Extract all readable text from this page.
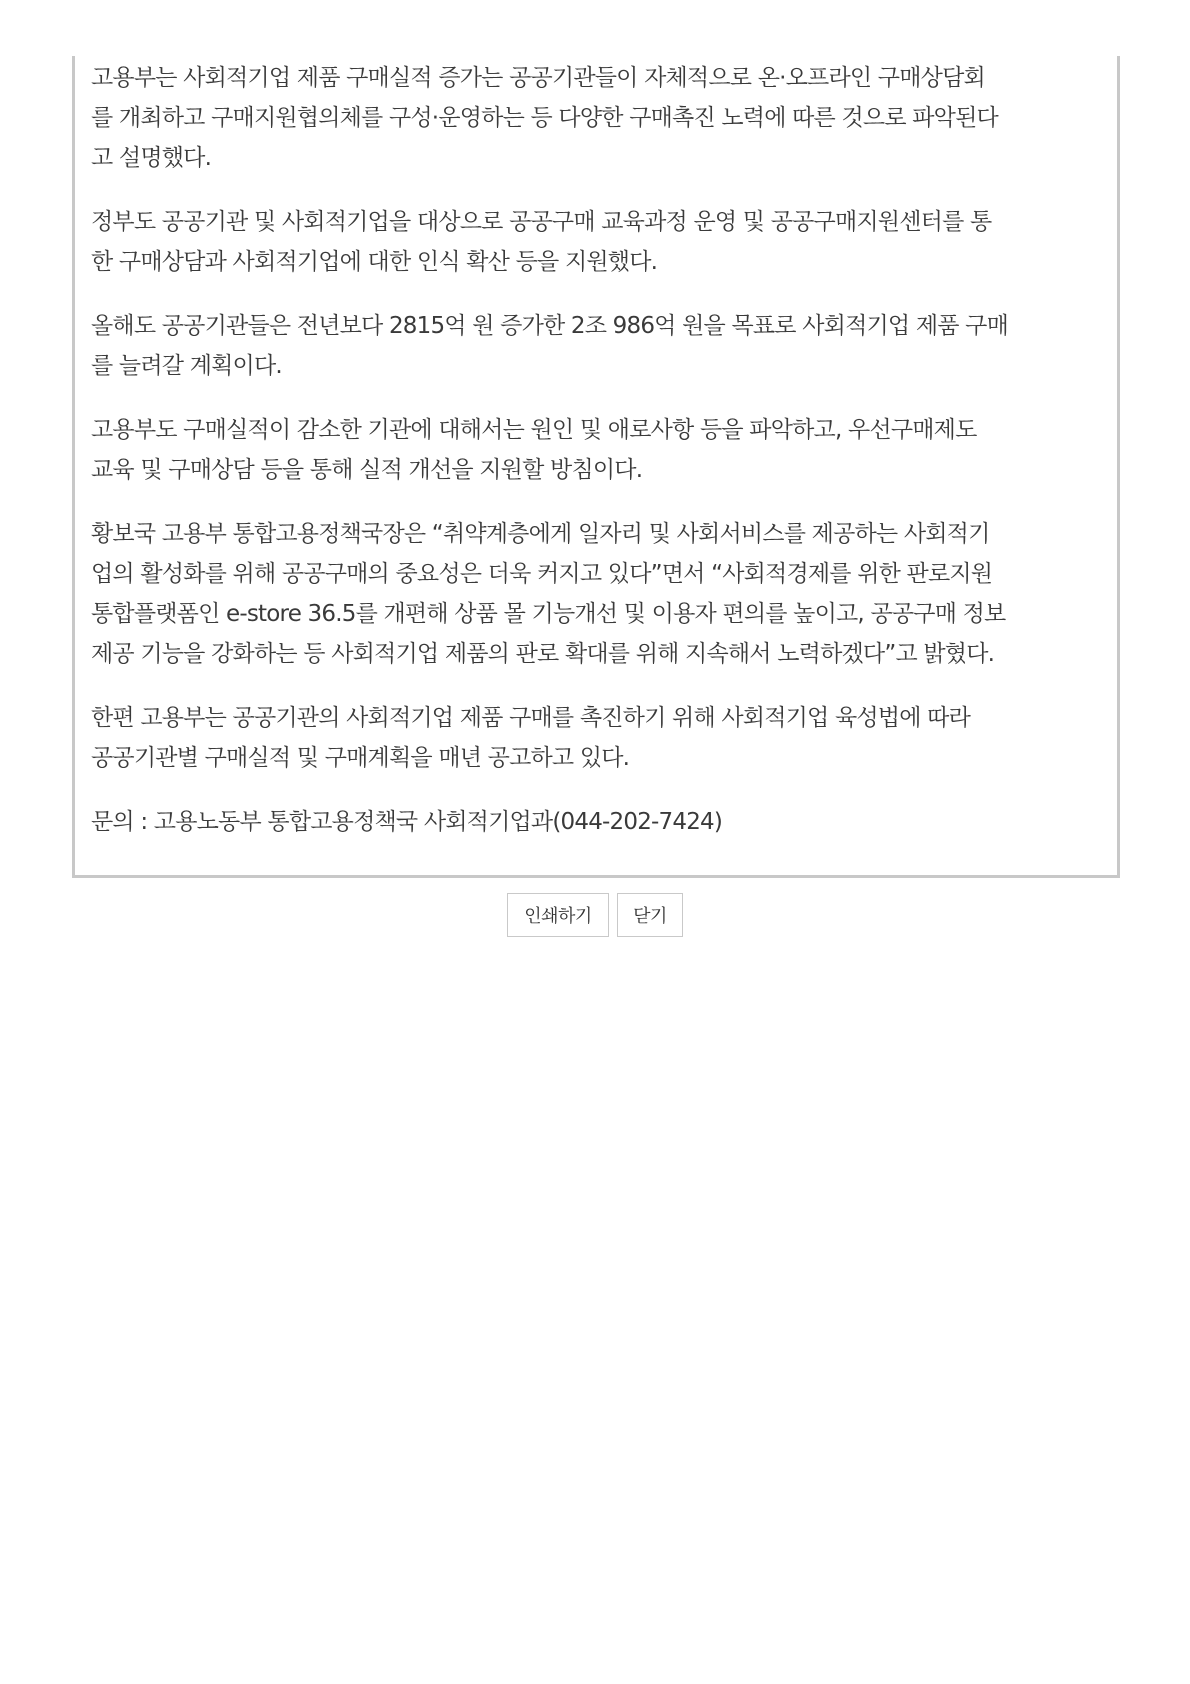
고용부는 사회적기업 제품 구매실적 증가는 공공기관들이 자체적으로 온·오프라인 구매상담회
를 개최하고 구매지원협의체를 구성·운영하는 등 다양한 구매촉진 노력에 따른 것으로 파악된다
고 설명했다.

정부도 공공기관 및 사회적기업을 대상으로 공공구매 교육과정 운영 및 공공구매지원센터를 통
한 구매상담과 사회적기업에 대한 인식 확산 등을 지원했다.

올해도 공공기관들은 전년보다 2815억 원 증가한 2조 986억 원을 목표로 사회적기업 제품 구매
를 늘려갈 계획이다.

고용부도 구매실적이 감소한 기관에 대해서는 원인 및 애로사항 등을 파악하고, 우선구매제도
교육 및 구매상담 등을 통해 실적 개선을 지원할 방침이다.

황보국 고용부 통합고용정책국장은 “취약계층에게 일자리 및 사회서비스를 제공하는 사회적기
업의 활성화를 위해 공공구매의 중요성은 더욱 커지고 있다”면서 “사회적경제를 위한 판로지원
통합플랫폼인 e-store 36.5를 개편해 상품 몰 기능개선 및 이용자 편의를 높이고, 공공구매 정보
제공 기능을 강화하는 등 사회적기업 제품의 판로 확대를 위해 지속해서 노력하겠다”고 밝혔다.

한편 고용부는 공공기관의 사회적기업 제품 구매를 촉진하기 위해 사회적기업 육성법에 따라
공공기관별 구매실적 및 구매계획을 매년 공고하고 있다.

문의 : 고용노동부 통합고용정책국 사회적기업과(044-202-7424)

인쇄하기	닫기
